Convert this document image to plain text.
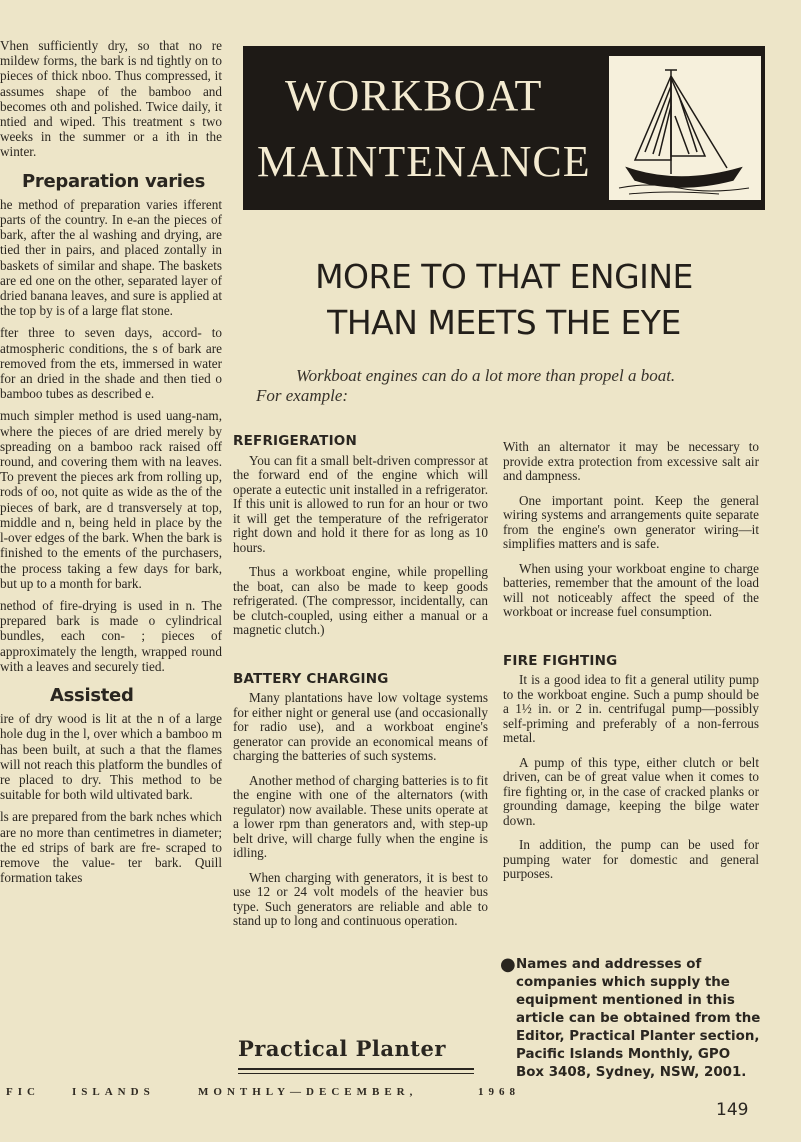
Vhen sufficiently dry, so that no re mildew forms, the bark is nd tightly on to pieces of thick nboo. Thus compressed, it assumes shape of the bamboo and becomes oth and polished. Twice daily, it ntied and wiped. This treatment s two weeks in the summer or a ith in the winter.

Preparation varies

he method of preparation varies ifferent parts of the country. In e-an the pieces of bark, after the al washing and drying, are tied ther in pairs, and placed zontally in baskets of similar and shape. The baskets are ed one on the other, separated layer of dried banana leaves, and sure is applied at the top by is of a large flat stone.

fter three to seven days, accord- to atmospheric conditions, the s of bark are removed from the ets, immersed in water for an dried in the shade and then tied o bamboo tubes as described e.

much simpler method is used uang-nam, where the pieces of are dried merely by spreading on a bamboo rack raised off round, and covering them with na leaves. To prevent the pieces ark from rolling up, rods of oo, not quite as wide as the of the pieces of bark, are d transversely at top, middle and n, being held in place by the l-over edges of the bark. When the bark is finished to the ements of the purchasers, the process taking a few days for bark, but up to a month for bark.

nethod of fire-drying is used in n. The prepared bark is made o cylindrical bundles, each con- ; pieces of approximately the length, wrapped round with a leaves and securely tied.

Assisted

ire of dry wood is lit at the n of a large hole dug in the l, over which a bamboo m has been built, at such a that the flames will not reach this platform the bundles of re placed to dry. This method to be suitable for both wild ultivated bark.

ls are prepared from the bark nches which are no more than centimetres in diameter; the ed strips of bark are fre- scraped to remove the value- ter bark. Quill formation takes

WORKBOAT
MAINTENANCE
MORE TO THAT ENGINE
THAN MEETS THE EYE
Workboat engines can do a lot more than propel a boat.
For example:
REFRIGERATION

You can fit a small belt-driven compressor at the forward end of the engine which will operate a eutectic unit installed in a refrigerator. If this unit is allowed to run for an hour or two it will get the temperature of the refrigerator right down and hold it there for as long as 10 hours.

Thus a workboat engine, while propelling the boat, can also be made to keep goods refrigerated. (The compressor, incidentally, can be clutch-coupled, using either a manual or a magnetic clutch.)

BATTERY CHARGING

Many plantations have low voltage systems for either night or general use (and occasionally for radio use), and a workboat engine's generator can provide an economical means of charging the batteries of such systems.

Another method of charging batteries is to fit the engine with one of the alternators (with regulator) now available. These units operate at a lower rpm than generators and, with step-up belt drive, will charge fully when the engine is idling.

When charging with generators, it is best to use 12 or 24 volt models of the heavier bus type. Such generators are reliable and able to stand up to long and continuous operation.

With an alternator it may be necessary to provide extra protection from excessive salt air and dampness.

One important point. Keep the general wiring systems and arrangements quite separate from the engine's own generator wiring—it simplifies matters and is safe.

When using your workboat engine to charge batteries, remember that the amount of the load will not noticeably affect the speed of the workboat or increase fuel consumption.

FIRE FIGHTING

It is a good idea to fit a general utility pump to the workboat engine. Such a pump should be a 1½ in. or 2 in. centrifugal pump—possibly self-priming and preferably of a non-ferrous metal.

A pump of this type, either clutch or belt driven, can be of great value when it comes to fire fighting or, in the case of cracked planks or grounding damage, keeping the bilge water down.

In addition, the pump can be used for pumping water for domestic and general purposes.

● Names and addresses of companies which supply the equipment mentioned in this article can be obtained from the Editor, Practical Planter section, Pacific Islands Monthly, GPO Box 3408, Sydney, NSW, 2001.
Practical Planter
FIC	ISLANDS	MONTHLY—DECEMBER,	1968
149
